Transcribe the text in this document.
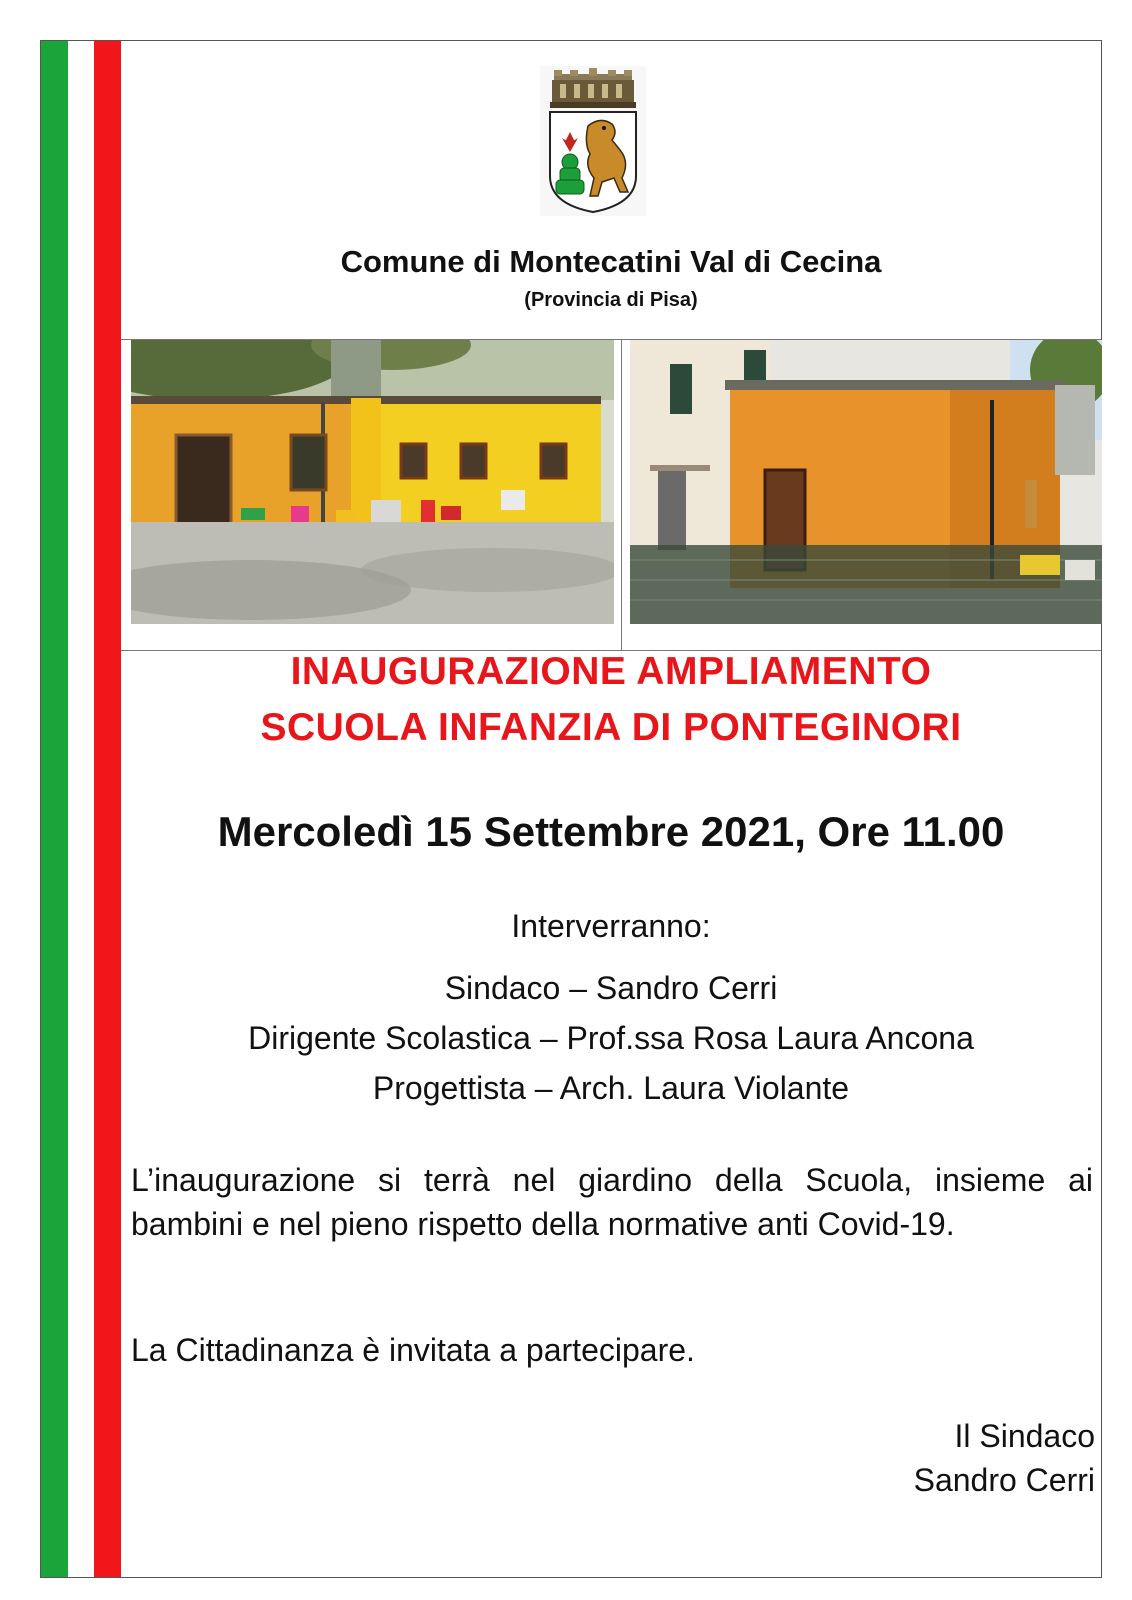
Comune di Montecatini Val di Cecina
(Provincia di Pisa)
INAUGURAZIONE AMPLIAMENTO
SCUOLA INFANZIA DI PONTEGINORI
Mercoledì 15 Settembre 2021, Ore 11.00
Interverranno:
Sindaco – Sandro Cerri
Dirigente Scolastica – Prof.ssa Rosa Laura Ancona
Progettista – Arch. Laura Violante
L’inaugurazione si terrà nel giardino della Scuola, insieme ai bambini e nel pieno rispetto della normative anti Covid-19.
La Cittadinanza è invitata a partecipare.
Il Sindaco
Sandro Cerri
